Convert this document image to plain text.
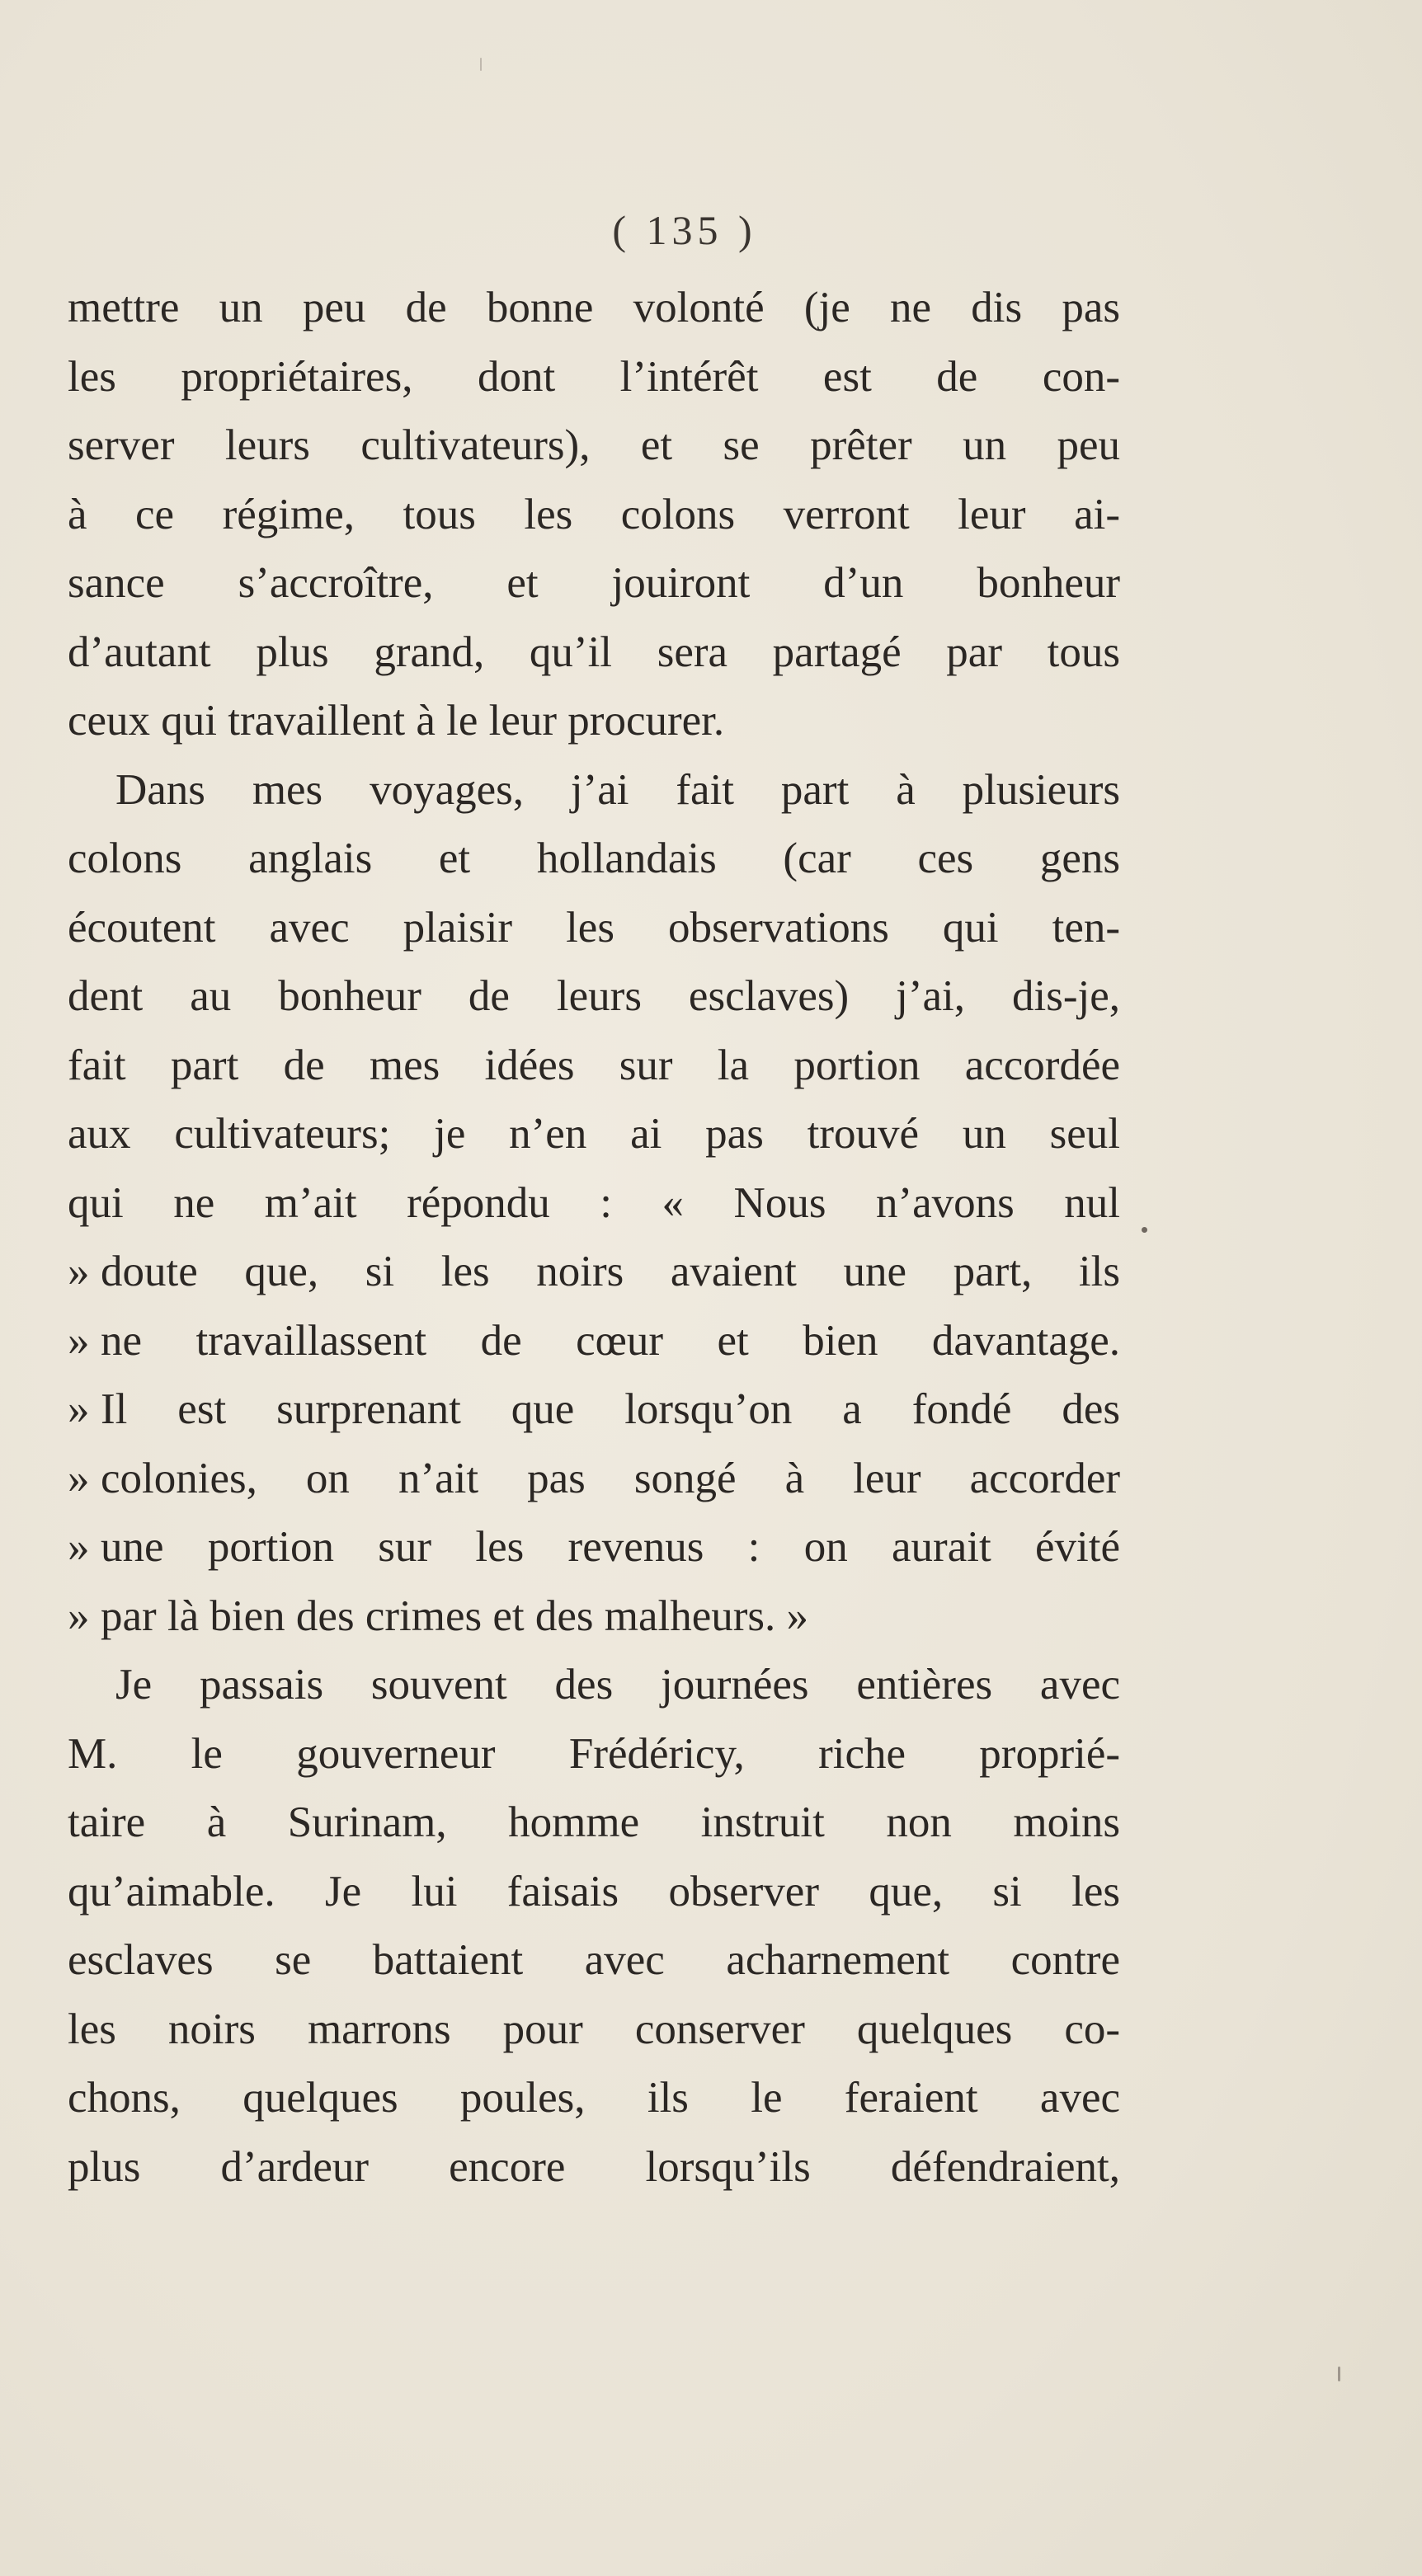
( 135 )
mettre un peu de bonne volonté (je ne dis pas
les propriétaires, dont l’intérêt est de con-
server leurs cultivateurs), et se prêter un peu
à ce régime, tous les colons verront leur ai-
sance s’accroître, et jouiront d’un bonheur
d’autant plus grand, qu’il sera partagé par tous
ceux qui travaillent à le leur procurer.
Dans mes voyages, j’ai fait part à plusieurs
colons anglais et hollandais (car ces gens
écoutent avec plaisir les observations qui ten-
dent au bonheur de leurs esclaves) j’ai, dis-je,
fait part de mes idées sur la portion accordée
aux cultivateurs; je n’en ai pas trouvé un seul
qui ne m’ait répondu : « Nous n’avons nul
» doute que, si les noirs avaient une part, ils
» ne travaillassent de cœur et bien davantage.
» Il est surprenant que lorsqu’on a fondé des
» colonies, on n’ait pas songé à leur accorder
» une portion sur les revenus : on aurait évité
» par là bien des crimes et des malheurs. »
Je passais souvent des journées entières avec
M. le gouverneur Frédéricy, riche proprié-
taire à Surinam, homme instruit non moins
qu’aimable. Je lui faisais observer que, si les
esclaves se battaient avec acharnement contre
les noirs marrons pour conserver quelques co-
chons, quelques poules, ils le feraient avec
plus d’ardeur encore lorsqu’ils défendraient,
